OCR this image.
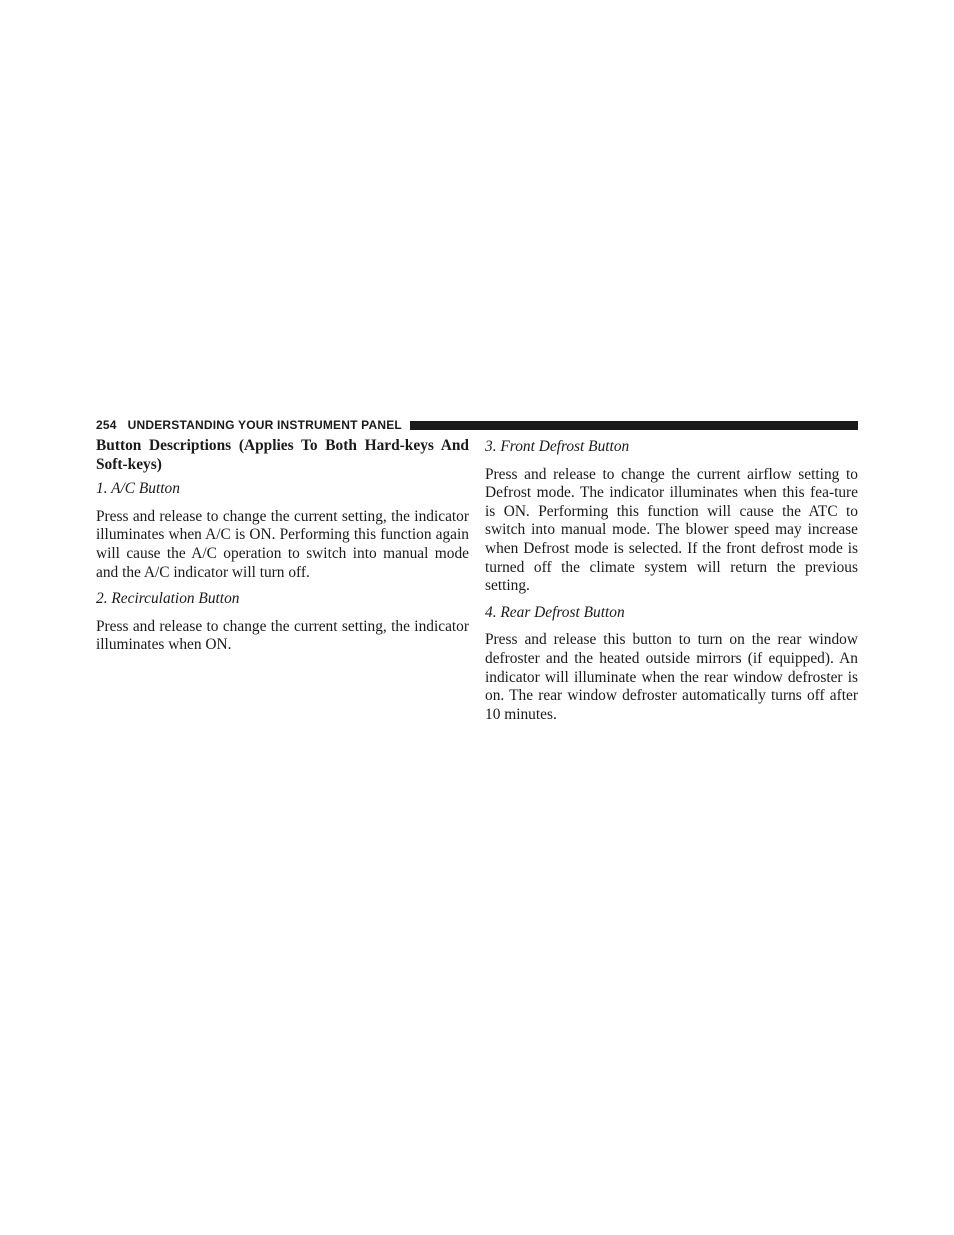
254 UNDERSTANDING YOUR INSTRUMENT PANEL

Button Descriptions (Applies To Both Hard-keys And Soft-keys)

1. A/C Button

Press and release to change the current setting, the indicator illuminates when A/C is ON. Performing this function again will cause the A/C operation to switch into manual mode and the A/C indicator will turn off.

2. Recirculation Button

Press and release to change the current setting, the indicator illuminates when ON.

3. Front Defrost Button

Press and release to change the current airflow setting to Defrost mode. The indicator illuminates when this fea-ture is ON. Performing this function will cause the ATC to switch into manual mode. The blower speed may increase when Defrost mode is selected. If the front defrost mode is turned off the climate system will return the previous setting.

4. Rear Defrost Button

Press and release this button to turn on the rear window defroster and the heated outside mirrors (if equipped). An indicator will illuminate when the rear window defroster is on. The rear window defroster automatically turns off after 10 minutes.
